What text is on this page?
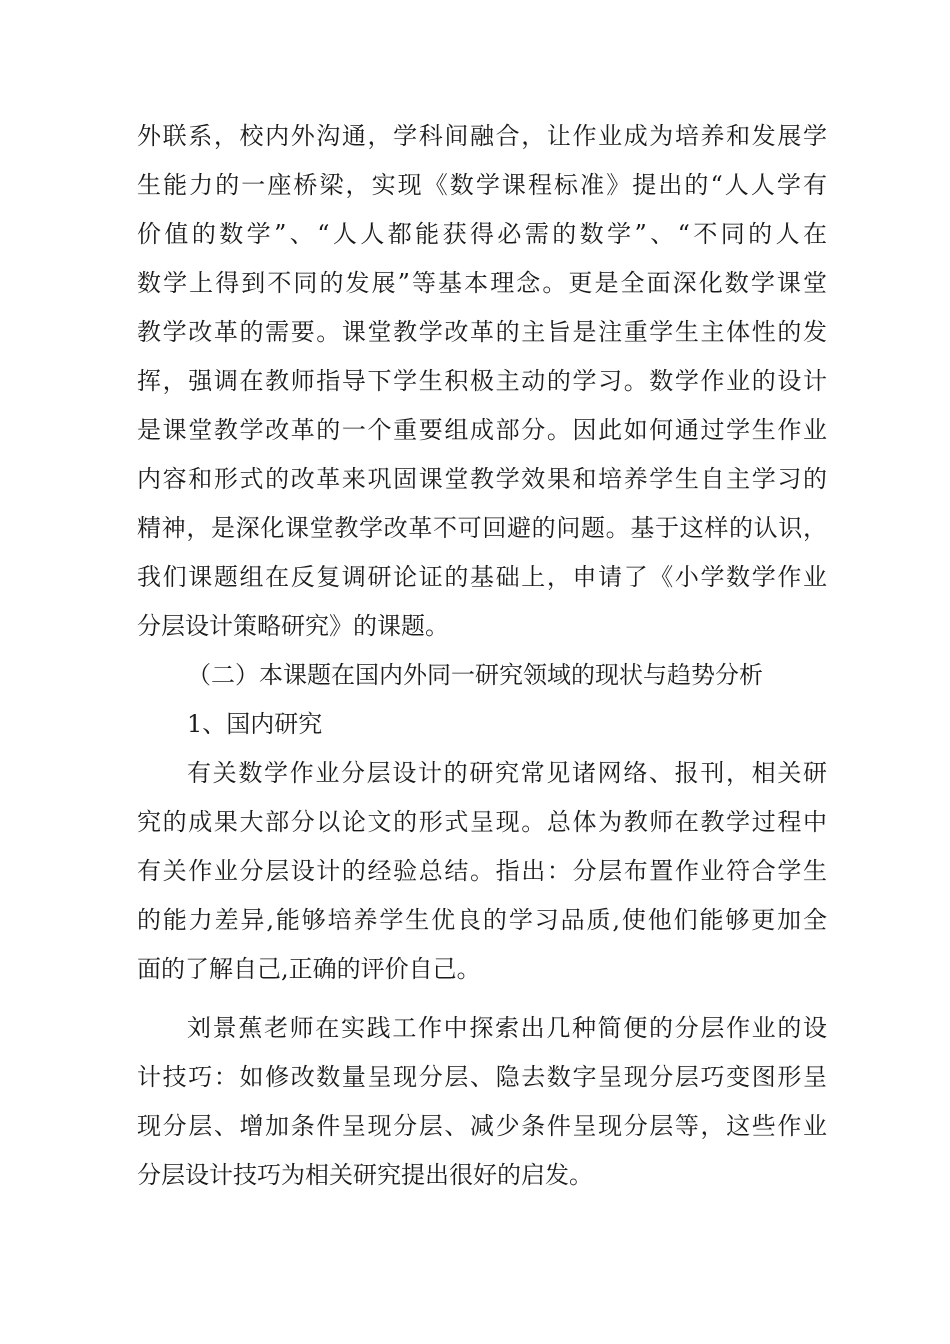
外联系，校内外沟通，学科间融合，让作业成为培养和发展学
生能力的一座桥梁，实现《数学课程标准》提出的“人人学有
价值的数学”、“人人都能获得必需的数学”、“不同的人在
数学上得到不同的发展”等基本理念。更是全面深化数学课堂
教学改革的需要。课堂教学改革的主旨是注重学生主体性的发
挥，强调在教师指导下学生积极主动的学习。数学作业的设计
是课堂教学改革的一个重要组成部分。因此如何通过学生作业
内容和形式的改革来巩固课堂教学效果和培养学生自主学习的
精神，是深化课堂教学改革不可回避的问题。基于这样的认识，
我们课题组在反复调研论证的基础上，申请了《小学数学作业
分层设计策略研究》的课题。
（二）本课题在国内外同一研究领域的现状与趋势分析
1、国内研究
有关数学作业分层设计的研究常见诸网络、报刊，相关研
究的成果大部分以论文的形式呈现。总体为教师在教学过程中
有关作业分层设计的经验总结。指出：分层布置作业符合学生
的能力差异,能够培养学生优良的学习品质,使他们能够更加全
面的了解自己,正确的评价自己。
刘景蕉老师在实践工作中探索出几种简便的分层作业的设
计技巧：如修改数量呈现分层、隐去数字呈现分层巧变图形呈
现分层、增加条件呈现分层、减少条件呈现分层等，这些作业
分层设计技巧为相关研究提出很好的启发。
